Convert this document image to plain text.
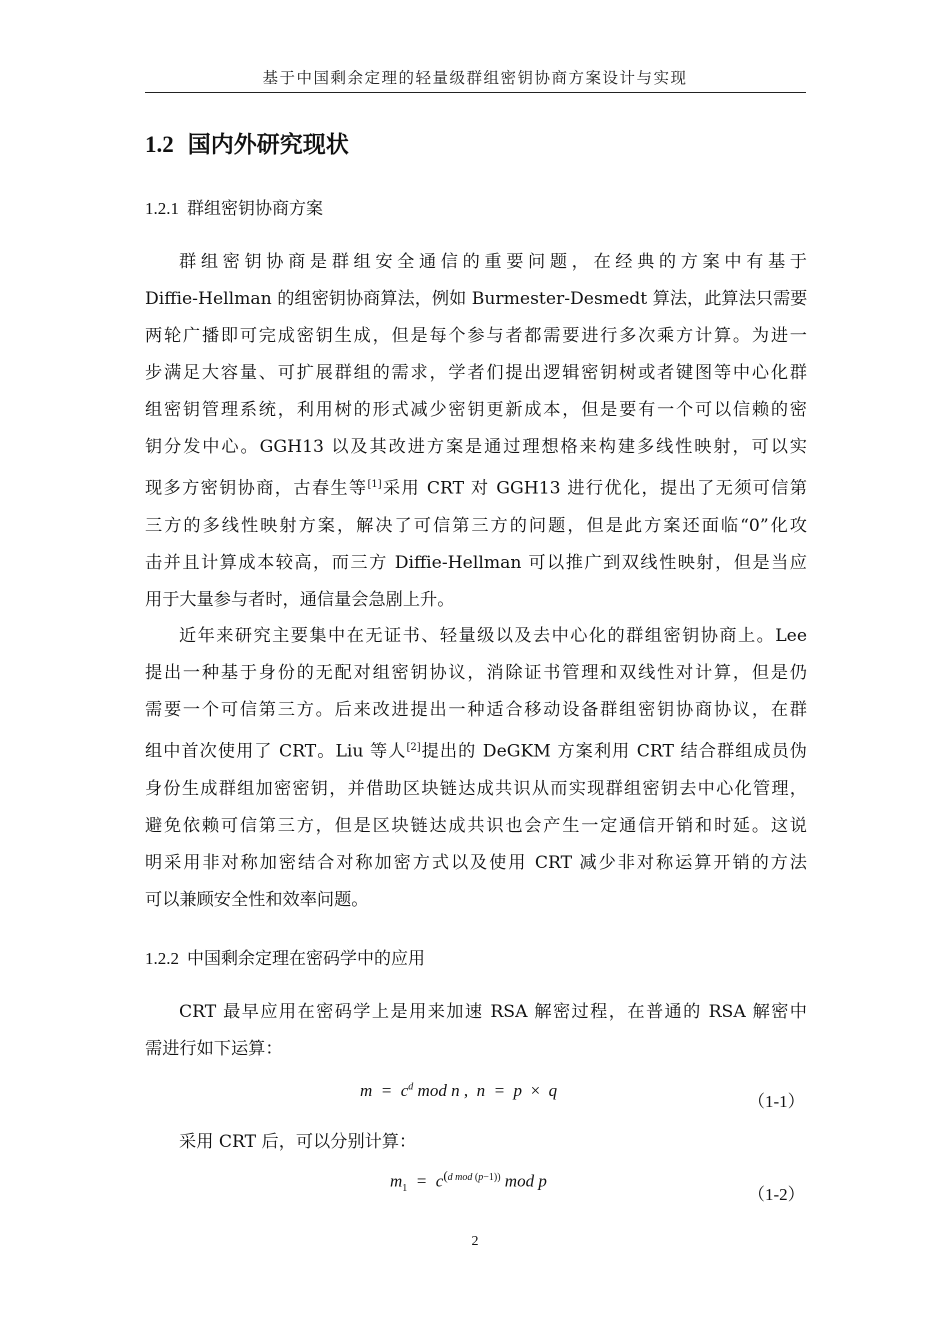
基于中国剩余定理的轻量级群组密钥协商方案设计与实现
1.2 国内外研究现状
1.2.1 群组密钥协商方案
群组密钥协商是群组安全通信的重要问题，在经典的方案中有基于
Diffie-Hellman 的组密钥协商算法，例如 Burmester-Desmedt 算法，此算法只需要
两轮广播即可完成密钥生成，但是每个参与者都需要进行多次乘方计算。为进一
步满足大容量、可扩展群组的需求，学者们提出逻辑密钥树或者键图等中心化群
组密钥管理系统，利用树的形式减少密钥更新成本，但是要有一个可以信赖的密
钥分发中心。GGH13 以及其改进方案是通过理想格来构建多线性映射，可以实
现多方密钥协商，古春生等[1]采用 CRT 对 GGH13 进行优化，提出了无须可信第
三方的多线性映射方案，解决了可信第三方的问题，但是此方案还面临“0”化攻
击并且计算成本较高，而三方 Diffie-Hellman 可以推广到双线性映射，但是当应
用于大量参与者时，通信量会急剧上升。
近年来研究主要集中在无证书、轻量级以及去中心化的群组密钥协商上。Lee
提出一种基于身份的无配对组密钥协议，消除证书管理和双线性对计算，但是仍
需要一个可信第三方。后来改进提出一种适合移动设备群组密钥协商协议，在群
组中首次使用了 CRT。Liu 等人[2]提出的 DeGKM 方案利用 CRT 结合群组成员伪
身份生成群组加密密钥，并借助区块链达成共识从而实现群组密钥去中心化管理，
避免依赖可信第三方，但是区块链达成共识也会产生一定通信开销和时延。这说
明采用非对称加密结合对称加密方式以及使用 CRT 减少非对称运算开销的方法
可以兼顾安全性和效率问题。
1.2.2 中国剩余定理在密码学中的应用
CRT 最早应用在密码学上是用来加速 RSA 解密过程，在普通的 RSA 解密中
需进行如下运算：
$m = c^d$ mod n ,  n  =  p  ×  q
（1-1）
采用 CRT 后，可以分别计算：
$m_1 = c^{(d mod (p-1))}$ mod p
（1-2）
2
